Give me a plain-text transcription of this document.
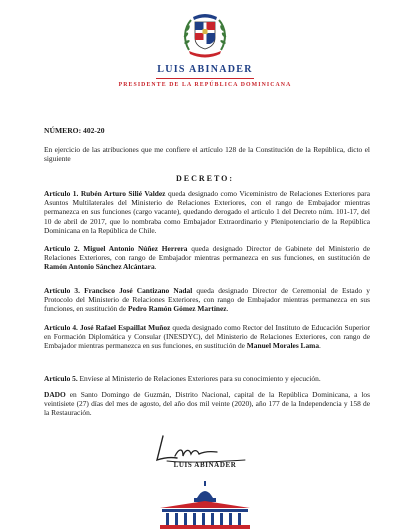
LUIS ABINADER
PRESIDENTE DE LA REPÚBLICA DOMINICANA
NÚMERO: 402-20
En ejercicio de las atribuciones que me confiere el artículo 128 de la Constitución de la República, dicto el siguiente
DECRETO:
Artículo 1. Rubén Arturo Silié Valdez queda designado como Viceministro de Relaciones Exteriores para Asuntos Multilaterales del Ministerio de Relaciones Exteriores, con el rango de Embajador mientras permanezca en sus funciones (cargo vacante), quedando derogado el artículo 1 del Decreto núm. 101-17, del 10 de abril de 2017, que lo nombraba como Embajador Extraordinario y Plenipotenciario de la República Dominicana en la República de Chile.
Artículo 2. Miguel Antonio Núñez Herrera queda designado Director de Gabinete del Ministerio de Relaciones Exteriores, con rango de Embajador mientras permanezca en sus funciones, en sustitución de Ramón Antonio Sánchez Alcántara.
Artículo 3. Francisco José Cantizano Nadal queda designado Director de Ceremonial de Estado y Protocolo del Ministerio de Relaciones Exteriores, con rango de Embajador mientras permanezca en sus funciones, en sustitución de Pedro Ramón Gómez Martínez.
Artículo 4. José Rafael Espaillat Muñoz queda designado como Rector del Instituto de Educación Superior en Formación Diplomática y Consular (INESDYC), del Ministerio de Relaciones Exteriores, con rango de Embajador mientras permanezca en sus funciones, en sustitución de Manuel Morales Lama.
Artículo 5. Envíese al Ministerio de Relaciones Exteriores para su conocimiento y ejecución.
DADO en Santo Domingo de Guzmán, Distrito Nacional, capital de la República Dominicana, a los veintisiete (27) días del mes de agosto, del año dos mil veinte (2020), año 177 de la Independencia y 158 de la Restauración.
LUIS ABINADER
